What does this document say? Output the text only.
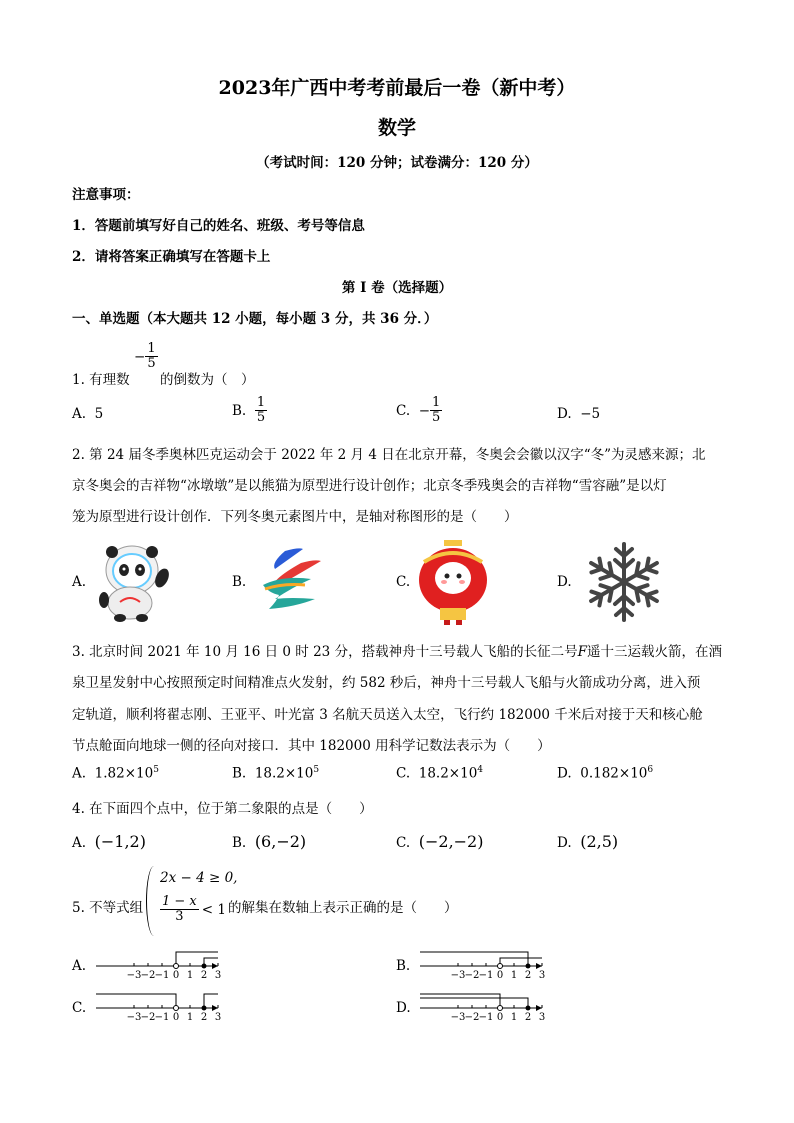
2023年广西中考考前最后一卷（新中考）
数学
（考试时间：120 分钟；试卷满分：120 分）
注意事项：
1．答题前填写好自己的姓名、班级、考号等信息
2．请将答案正确填写在答题卡上
第 I 卷（选择题）
一、单选题（本大题共 12 小题，每小题 3 分，共 36 分．）
1. 有理数
− $\frac{1}{5}$
的倒数为（　）
A. 5	B.
$\frac{1}{5}$	C.
− $\frac{1}{5}$	D. −5
2. 第 24 届冬季奥林匹克运动会于 2022 年 2 月 4 日在北京开幕，冬奥会会徽以汉字“冬”为灵感来源；北
京冬奥会的吉祥物“冰墩墩”是以熊猫为原型进行设计创作；北京冬季残奥会的吉祥物“雪容融”是以灯
笼为原型进行设计创作．下列冬奥元素图片中，是轴对称图形的是（　　）
A.	B.	C.	D.
3. 北京时间 2021 年 10 月 16 日 0 时 23 分，搭载神舟十三号载人飞船的长征二号F遥十三运载火箭，在酒
泉卫星发射中心按照预定时间精准点火发射，约 582 秒后，神舟十三号载人飞船与火箭成功分离，进入预
定轨道，顺利将翟志刚、王亚平、叶光富 3 名航天员送入太空，飞行约 182000 千米后对接于天和核心舱
节点舱面向地球一侧的径向对接口．其中 182000 用科学记数法表示为（　　）
A. $1.82\times 10^5$	B. $18.2\times 10^5$	C. $18.2\times 10^4$	D. $0.182\times 10^6$
4. 在下面四个点中，位于第二象限的点是（　　）
A. (−1,2)	B. (6,−2)	C. (−2,−2)	D. (2,5)
5. 不等式组
2x − 4 ≥ 0,
$\frac{1 - x}{3} < 1$ 的解集在数轴上表示正确的是（　　）
A.	B.
C.	D.
−3 −2 −1 0 1 2 3	−3 −2 −1 0 1 2 3
−3 −2 −1 0 1 2 3	−3 −2 −1 0 1 2 3
